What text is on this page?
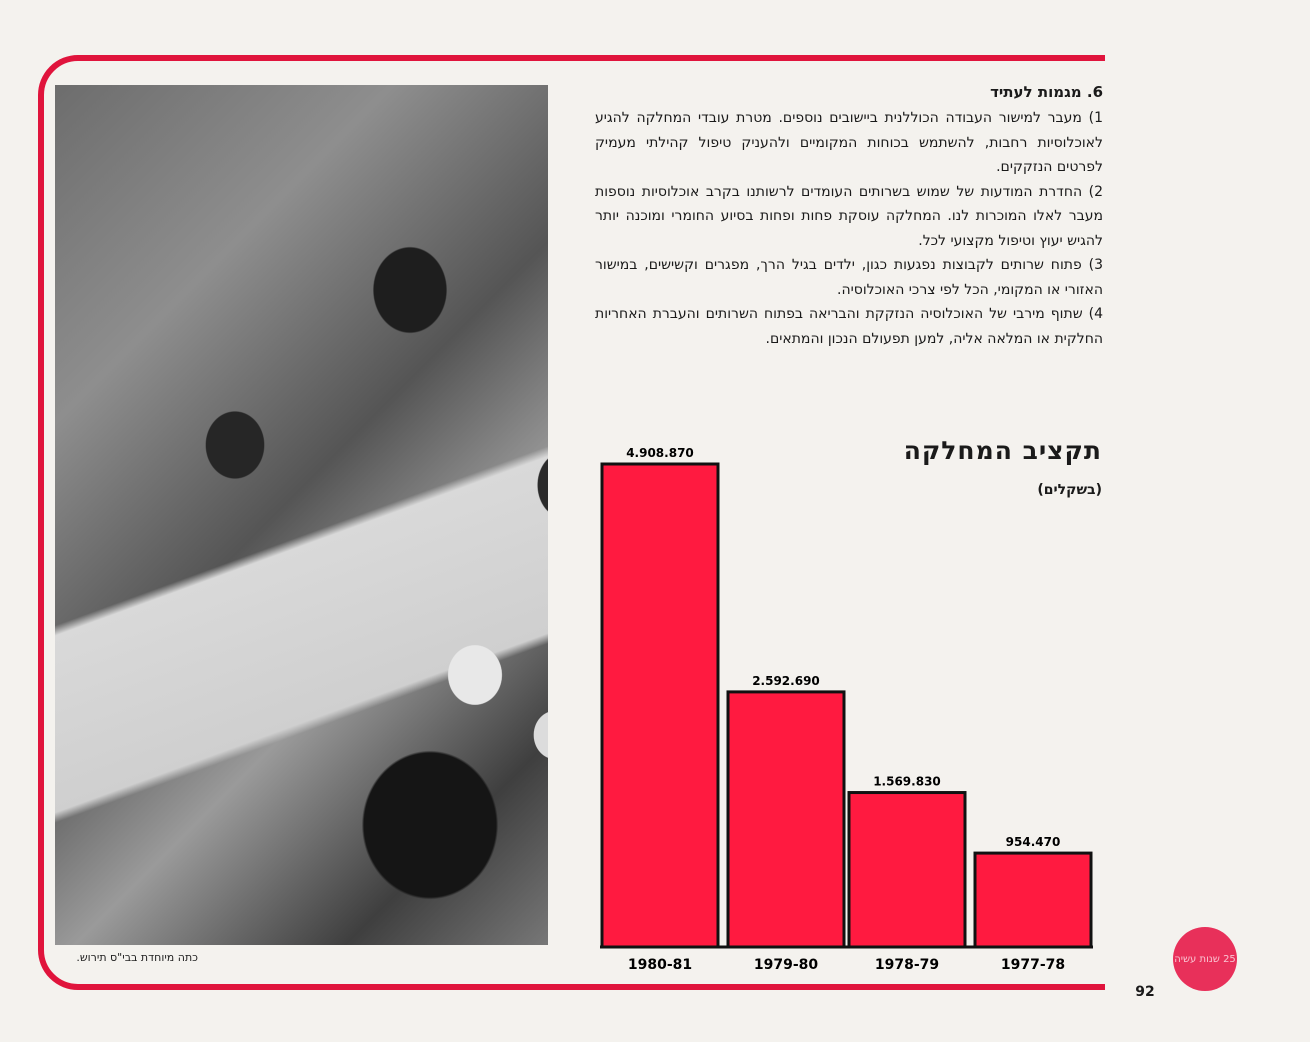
כתה מיוחדת בבי"ס תירוש.
6. מגמות לעתיד

1) מעבר למישור העבודה הכוללנית ביישובים נוספים. מטרת עובדי המחלקה להגיע לאוכלוסיות רחבות, להשתמש בכוחות המקומיים ולהעניק טיפול קהילתי מעמיק לפרטים הנזקקים.

2) החדרת המודעות של שמוש בשרותים העומדים לרשותנו בקרב אוכלוסיות נוספות מעבר לאלו המוכרות לנו. המחלקה עוסקת פחות ופחות בסיוע החומרי ומוכנה יותר להגיש יעוץ וטיפול מקצועי לכל.

3) פתוח שרותים לקבוצות נפגעות כגון, ילדים בגיל הרך, מפגרים וקשישים, במישור האזורי או המקומי, הכל לפי צרכי האוכלוסיה.

4) שתוף מירבי של האוכלוסיה הנזקקת והבריאה בפתוח השרותים והעברת האחריות החלקית או המלאה אליה, למען תפעולם הנכון והמתאים.

4.908.870
1980-81
2.592.690
1979-80
1.569.830
1978-79
954.470
1977-78
תקציב המחלקה
(בשקלים)
25 שנות עשיה
92
